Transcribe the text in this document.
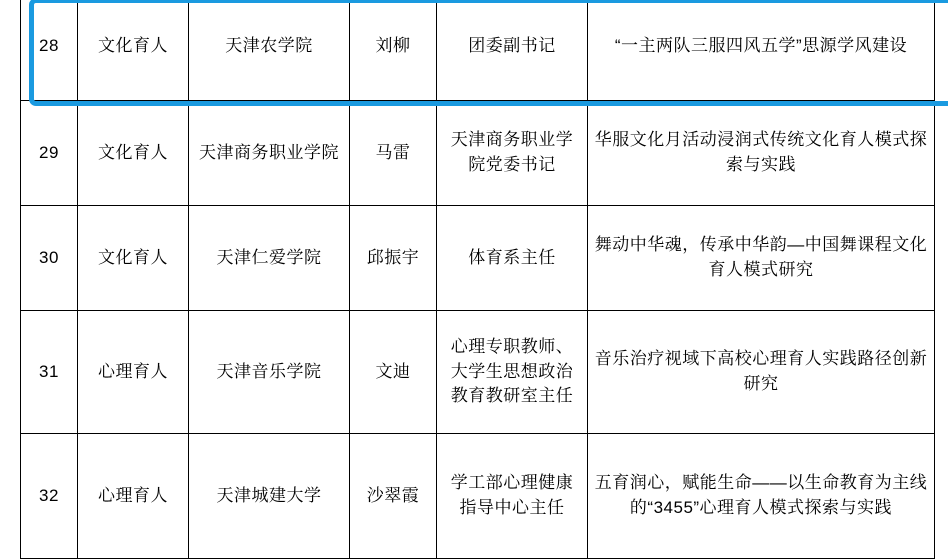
28	文化育人	天津农学院	刘柳	团委副书记	“一主两队三服四风五学”思源学风建设
29	文化育人	天津商务职业学院	马雷	天津商务职业学院党委书记	华服文化月活动浸润式传统文化育人模式探索与实践
30	文化育人	天津仁爱学院	邱振宇	体育系主任	舞动中华魂，传承中华韵—中国舞课程文化育人模式研究
31	心理育人	天津音乐学院	文迪	心理专职教师、大学生思想政治教育教研室主任	音乐治疗视域下高校心理育人实践路径创新研究
32	心理育人	天津城建大学	沙翠霞	学工部心理健康指导中心主任	五育润心，赋能生命——以生命教育为主线的“3455”心理育人模式探索与实践
